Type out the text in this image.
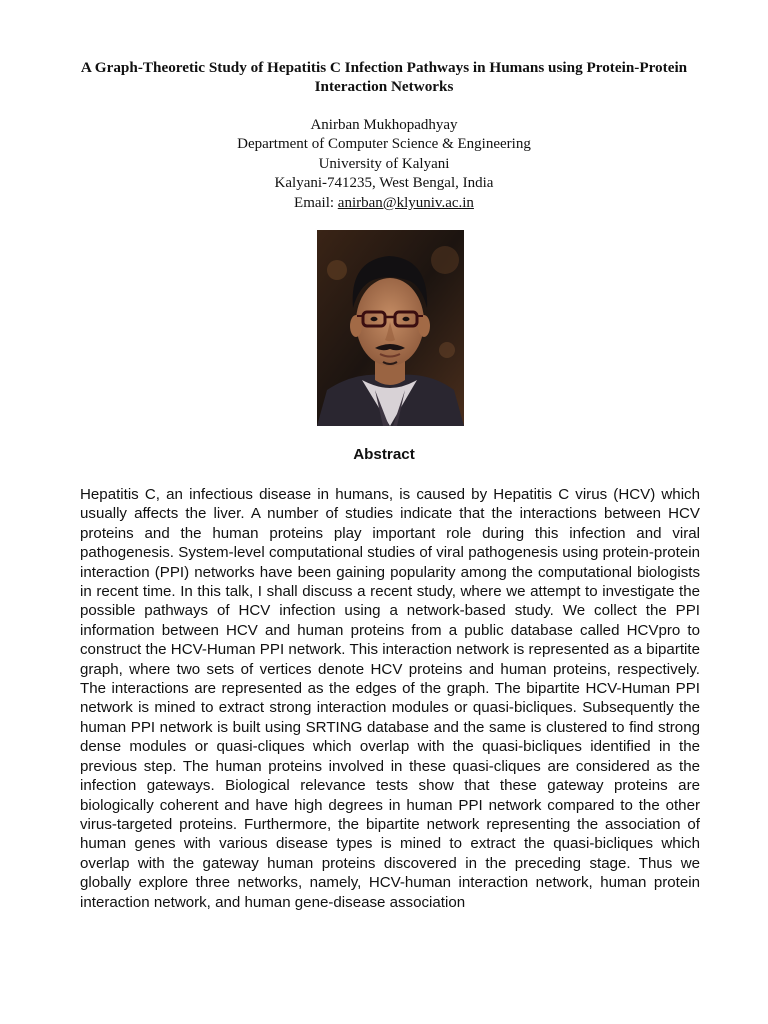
A Graph-Theoretic Study of Hepatitis C Infection Pathways in Humans using Protein-Protein Interaction Networks
Anirban Mukhopadhyay
Department of Computer Science & Engineering
University of Kalyani
Kalyani-741235, West Bengal, India
Email: anirban@klyuniv.ac.in
Abstract

Hepatitis C, an infectious disease in humans, is caused by Hepatitis C virus (HCV) which usually affects the liver. A number of studies indicate that the interactions between HCV proteins and the human proteins play important role during this infection and viral pathogenesis. System-level computational studies of viral pathogenesis using protein-protein interaction (PPI) networks have been gaining popularity among the computational biologists in recent time. In this talk, I shall discuss a recent study, where we attempt to investigate the possible pathways of HCV infection using a network-based study. We collect the PPI information between HCV and human proteins from a public database called HCVpro to construct the HCV-Human PPI network. This interaction network is represented as a bipartite graph, where two sets of vertices denote HCV proteins and human proteins, respectively. The interactions are represented as the edges of the graph. The bipartite HCV-Human PPI network is mined to extract strong interaction modules or quasi-bicliques. Subsequently the human PPI network is built using SRTING database and the same is clustered to find strong dense modules or quasi-cliques which overlap with the quasi-bicliques identified in the previous step. The human proteins involved in these quasi-cliques are considered as the infection gateways. Biological relevance tests show that these gateway proteins are biologically coherent and have high degrees in human PPI network compared to the other virus-targeted proteins. Furthermore, the bipartite network representing the association of human genes with various disease types is mined to extract the quasi-bicliques which overlap with the gateway human proteins discovered in the preceding stage. Thus we globally explore three networks, namely, HCV-human interaction network, human protein interaction network, and human gene-disease association
